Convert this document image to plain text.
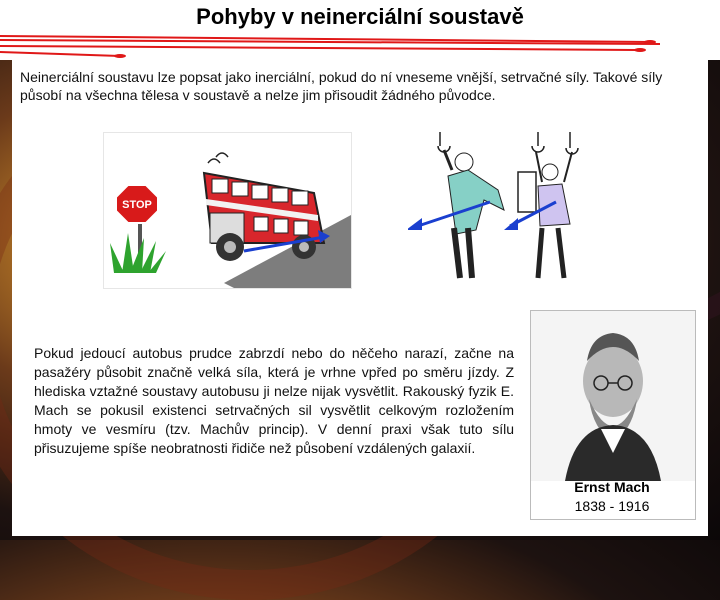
Pohyby v neinerciální soustavě
Neinerciální soustavu lze popsat jako inerciální, pokud do ní vneseme vnější, setrvačné síly. Takové síly působí na všechna tělesa v soustavě a nelze jim přisoudit žádného původce.
STOP

Pokud jedoucí autobus prudce zabrzdí nebo do něčeho narazí, začne na pasažéry působit značně velká síla, která je vrhne vpřed po směru jízdy. Z hlediska vztažné soustavy autobusu ji nelze nijak vysvětlit. Rakouský fyzik E. Mach se pokusil existenci setrvačných sil vysvětlit celkovým rozložením hmoty ve vesmíru (tzv. Machův princip). V denní praxi však tuto sílu přisuzujeme spíše neobratnosti řidiče než působení vzdálených galaxií.

Ernst Mach
1838 - 1916
